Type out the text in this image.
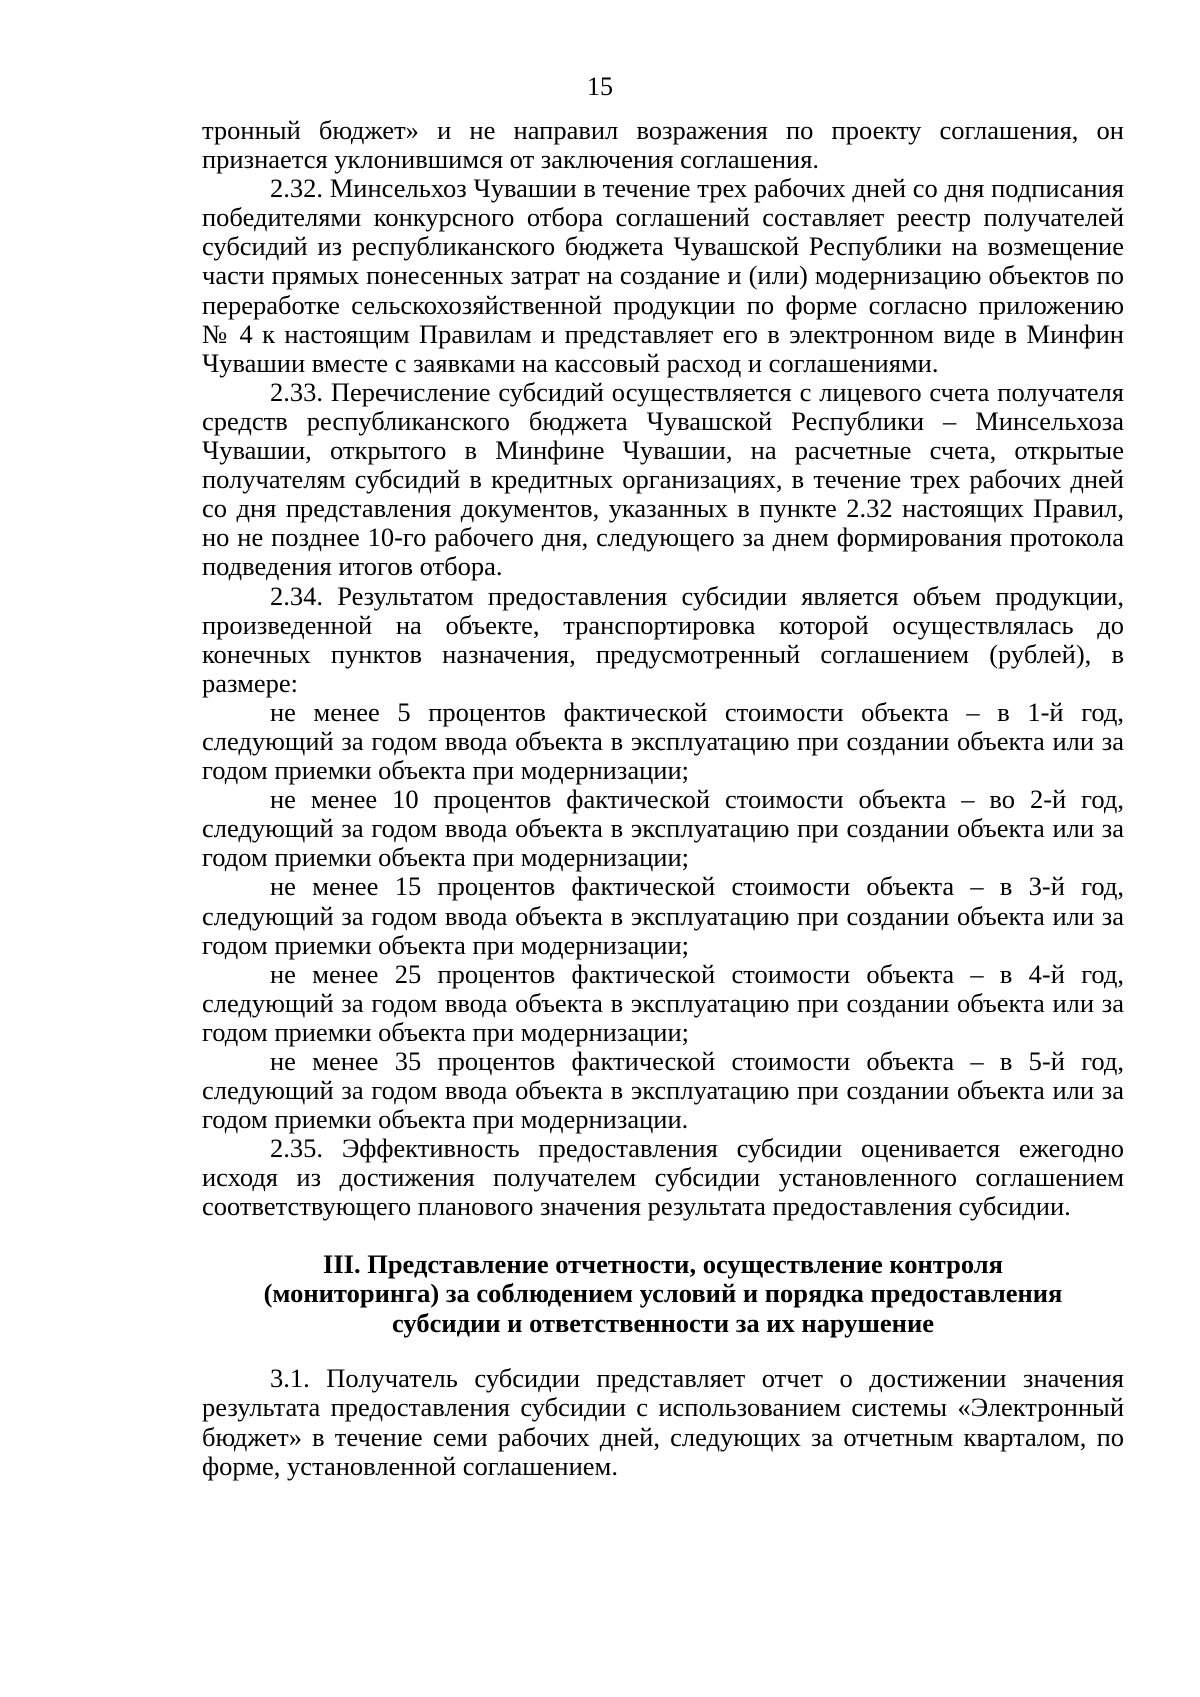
15

тронный бюджет» и не направил возражения по проекту соглашения, он признается уклонившимся от заключения соглашения.

2.32. Минсельхоз Чувашии в течение трех рабочих дней со дня подписания победителями конкурсного отбора соглашений составляет реестр получателей субсидий из республиканского бюджета Чувашской Республики на возмещение части прямых понесенных затрат на создание и (или) модернизацию объектов по переработке сельскохозяйственной продукции по форме согласно приложению № 4 к настоящим Правилам и представляет его в электронном виде в Минфин Чувашии вместе с заявками на кассовый расход и соглашениями.

2.33. Перечисление субсидий осуществляется с лицевого счета получателя средств республиканского бюджета Чувашской Республики – Минсельхоза Чувашии, открытого в Минфине Чувашии, на расчетные счета, открытые получателям субсидий в кредитных организациях, в течение трех рабочих дней со дня представления документов, указанных в пункте 2.32 настоящих Правил, но не позднее 10-го рабочего дня, следующего за днем формирования протокола подведения итогов отбора.

2.34. Результатом предоставления субсидии является объем продукции, произведенной на объекте, транспортировка которой осуществлялась до конечных пунктов назначения, предусмотренный соглашением (рублей), в размере:

не менее 5 процентов фактической стоимости объекта – в 1-й год, следующий за годом ввода объекта в эксплуатацию при создании объекта или за годом приемки объекта при модернизации;

не менее 10 процентов фактической стоимости объекта – во 2-й год, следующий за годом ввода объекта в эксплуатацию при создании объекта или за годом приемки объекта при модернизации;

не менее 15 процентов фактической стоимости объекта – в 3-й год, следующий за годом ввода объекта в эксплуатацию при создании объекта или за годом приемки объекта при модернизации;

не менее 25 процентов фактической стоимости объекта – в 4-й год, следующий за годом ввода объекта в эксплуатацию при создании объекта или за годом приемки объекта при модернизации;

не менее 35 процентов фактической стоимости объекта – в 5-й год, следующий за годом ввода объекта в эксплуатацию при создании объекта или за годом приемки объекта при модернизации.

2.35. Эффективность предоставления субсидии оценивается ежегодно исходя из достижения получателем субсидии установленного соглашением соответствующего планового значения результата предоставления субсидии.

III. Представление отчетности, осуществление контроля
(мониторинга) за соблюдением условий и порядка предоставления
субсидии и ответственности за их нарушение

3.1. Получатель субсидии представляет отчет о достижении значения результата предоставления субсидии с использованием системы «Электронный бюджет» в течение семи рабочих дней, следующих за отчетным кварталом, по форме, установленной соглашением.
